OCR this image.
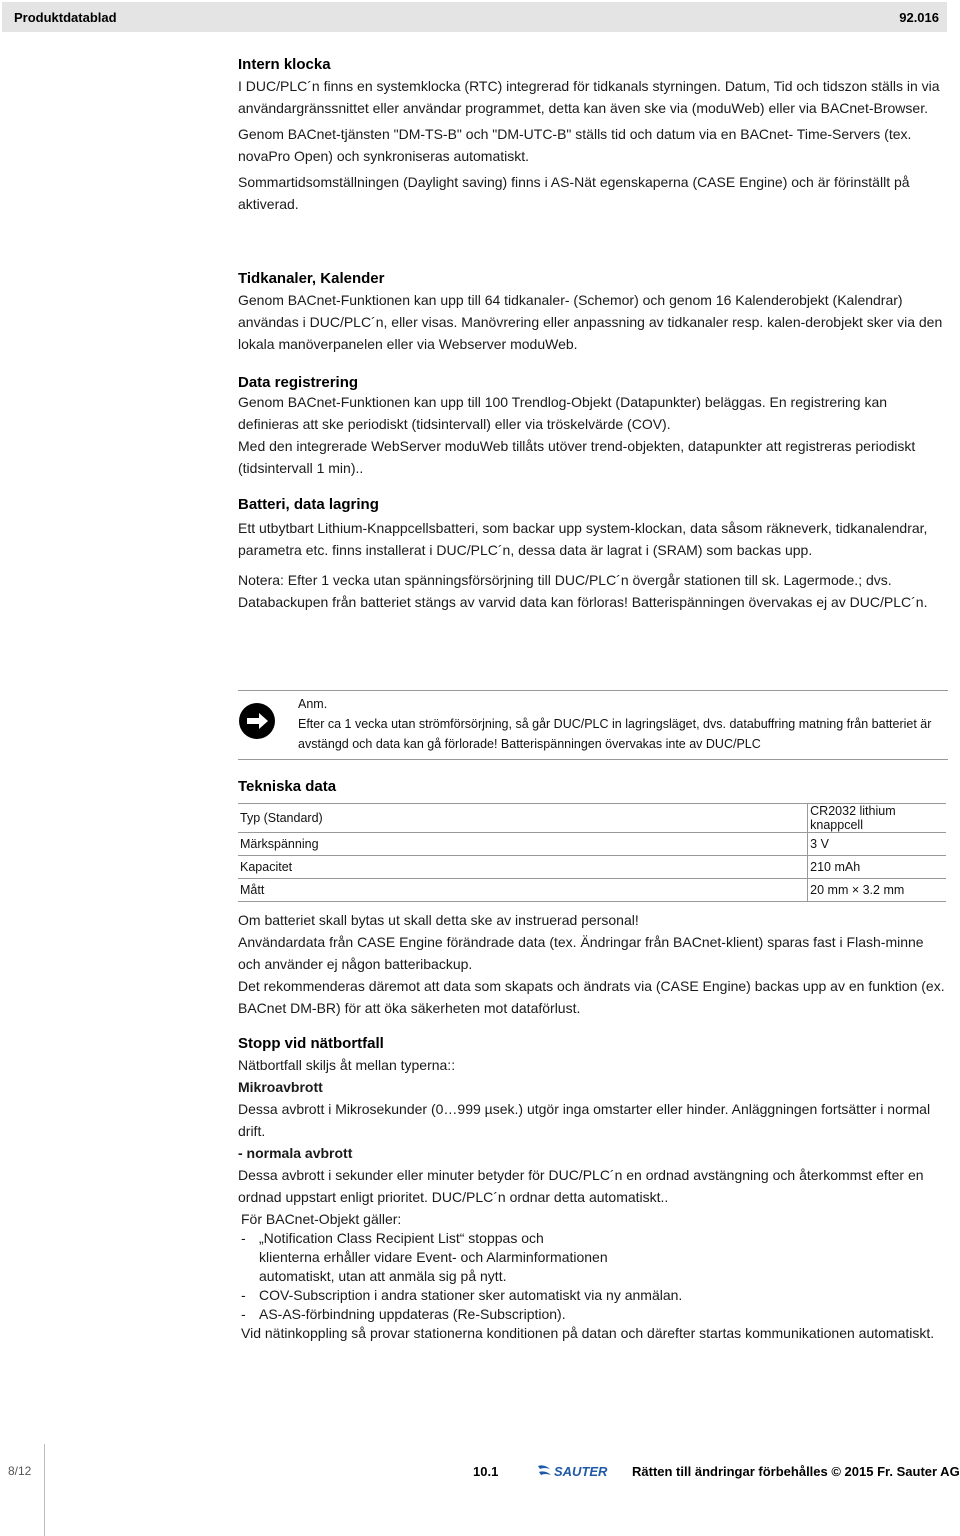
Produktdatablad	92.016
Intern klocka
I DUC/PLC´n finns en systemklocka (RTC) integrerad för tidkanals styrningen. Datum, Tid och tidszon ställs in via användargränssnittet eller användar programmet, detta kan även ske via (moduWeb) eller via BACnet-Browser.
Genom BACnet-tjänsten "DM-TS-B" och "DM-UTC-B" ställs tid och datum via en BACnet- Time-Servers (tex. novaPro Open) och synkroniseras automatiskt.
Sommartidsomställningen (Daylight saving) finns i AS-Nät egenskaperna (CASE Engine) och är förinställt på aktiverad.
Tidkanaler, Kalender
Genom BACnet-Funktionen kan upp till 64 tidkanaler- (Schemor) och genom 16 Kalenderobjekt (Kalendrar) användas i DUC/PLC´n, eller visas. Manövrering eller anpassning av tidkanaler resp. kalen-derobjekt sker via den lokala manöverpanelen eller via Webserver moduWeb.
Data registrering
Genom BACnet-Funktionen kan upp till 100 Trendlog-Objekt (Datapunkter) beläggas. En registrering kan definieras att ske periodiskt (tidsintervall) eller via tröskelvärde (COV).
Med den integrerade WebServer moduWeb tillåts utöver trend-objekten, datapunkter att registreras periodiskt (tidsintervall 1 min)..
Batteri, data lagring
Ett utbytbart Lithium-Knappcellsbatteri, som backar upp system-klockan, data såsom räkneverk, tidkanalendrar, parametra etc. finns installerat i DUC/PLC´n, dessa data är lagrat i (SRAM) som backas upp.
Notera: Efter 1 vecka utan spänningsförsörjning till DUC/PLC´n övergår stationen till sk. Lagermode.; dvs. Databackupen från batteriet stängs av varvid data kan förloras! Batterispänningen övervakas ej av DUC/PLC´n.
Anm.
Efter ca 1 vecka utan strömförsörjning, så går DUC/PLC in lagringsläget, dvs. databuffring matning från batteriet är avstängd och data kan gå förlorade! Batterispänningen övervakas inte av DUC/PLC
Tekniska data
Typ (Standard)	CR2032 lithium knappcell
Märkspänning	3 V
Kapacitet	210 mAh
Mått	20 mm × 3.2 mm
Om batteriet skall bytas ut skall detta ske av instruerad personal!
Användardata från CASE Engine förändrade data (tex. Ändringar från BACnet-klient) sparas fast i Flash-minne och använder ej någon batteribackup.
Det rekommenderas däremot att data som skapats och ändrats via (CASE Engine) backas upp av en funktion (ex. BACnet DM-BR) för att öka säkerheten mot dataförlust.
Stopp vid nätbortfall
Nätbortfall skiljs åt mellan typerna::
Mikroavbrott
Dessa avbrott i Mikrosekunder (0…999 µsek.) utgör inga omstarter eller hinder. Anläggningen fortsätter i normal drift.
- normala avbrott
Dessa avbrott i sekunder eller minuter betyder för DUC/PLC´n en ordnad avstängning och återkommst efter en ordnad uppstart enligt prioritet. DUC/PLC´n ordnar detta automatiskt..
För BACnet-Objekt gäller:
- „Notification Class Recipient List“ stoppas och
klienterna erhåller vidare Event- och Alarminformationen
automatiskt, utan att anmäla sig på nytt.
- COV-Subscription i andra stationer sker automatiskt via ny anmälan.
- AS-AS-förbindning uppdateras (Re-Subscription).
Vid nätinkoppling så provar stationerna konditionen på datan och därefter startas kommunikationen automatiskt.
8/12	10.1	SAUTER Rätten till ändringar förbehålles © 2015 Fr. Sauter AG
